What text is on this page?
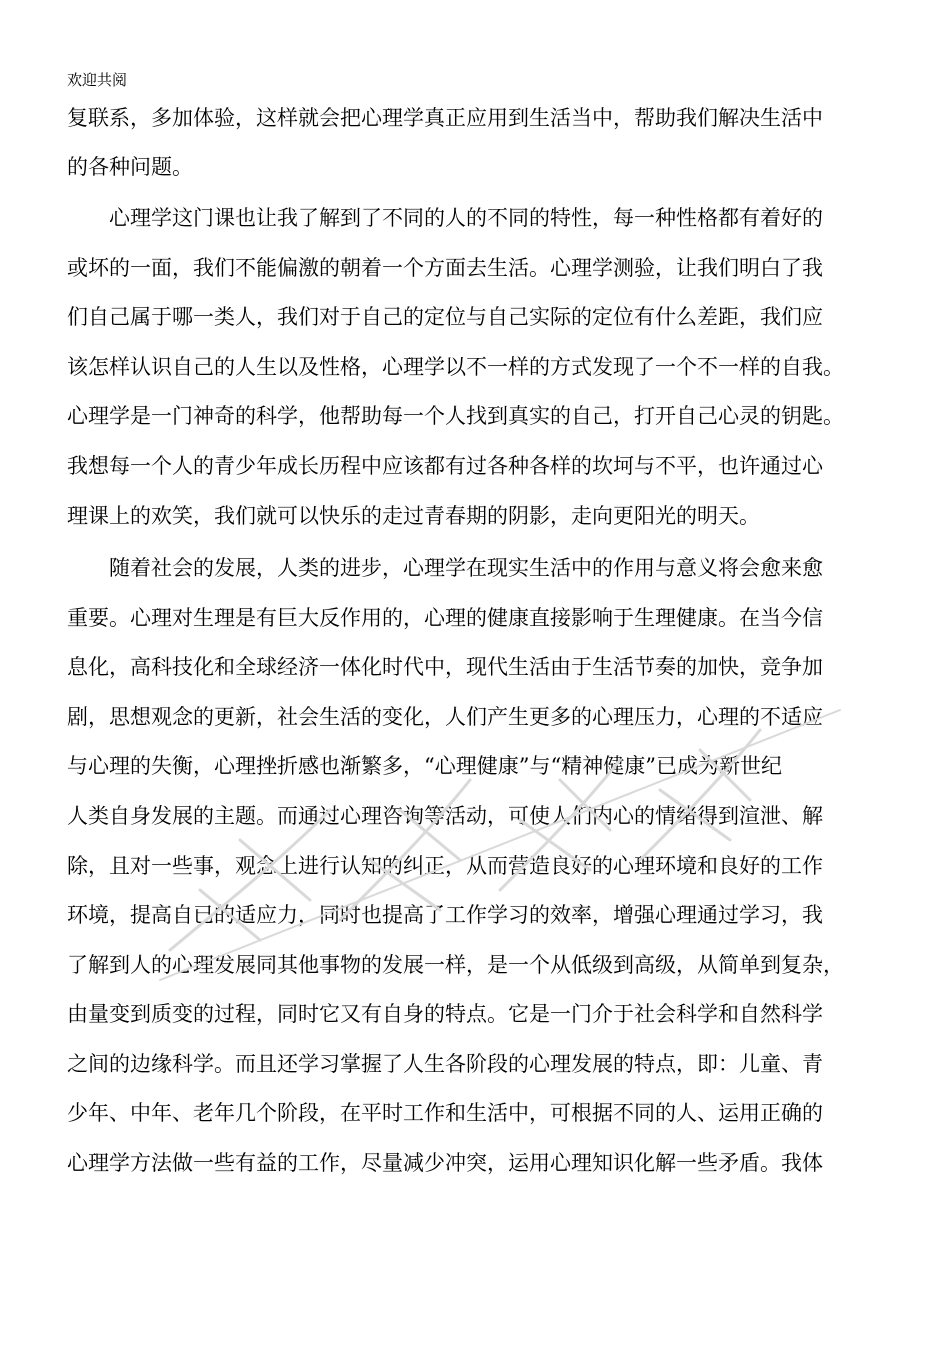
欢迎共阅
复联系，多加体验，这样就会把心理学真正应用到生活当中，帮助我们解决生活中
的各种问题。
　　心理学这门课也让我了解到了不同的人的不同的特性，每一种性格都有着好的
或坏的一面，我们不能偏激的朝着一个方面去生活。心理学测验，让我们明白了我
们自己属于哪一类人，我们对于自己的定位与自己实际的定位有什么差距，我们应
该怎样认识自己的人生以及性格，心理学以不一样的方式发现了一个不一样的自我。
心理学是一门神奇的科学，他帮助每一个人找到真实的自己，打开自己心灵的钥匙。
我想每一个人的青少年成长历程中应该都有过各种各样的坎坷与不平，也许通过心
理课上的欢笑，我们就可以快乐的走过青春期的阴影，走向更阳光的明天。
　　随着社会的发展，人类的进步，心理学在现实生活中的作用与意义将会愈来愈
重要。心理对生理是有巨大反作用的，心理的健康直接影响于生理健康。在当今信
息化，高科技化和全球经济一体化时代中，现代生活由于生活节奏的加快，竞争加
剧，思想观念的更新，社会生活的变化，人们产生更多的心理压力，心理的不适应
与心理的失衡，心理挫折感也渐繁多，“心理健康”与“精神健康”已成为新世纪
人类自身发展的主题。而通过心理咨询等活动，可使人们内心的情绪得到渲泄、解
除，且对一些事，观念上进行认知的纠正，从而营造良好的心理环境和良好的工作
环境，提高自已的适应力，同时也提高了工作学习的效率，增强心理通过学习，我
了解到人的心理发展同其他事物的发展一样，是一个从低级到高级，从简单到复杂，
由量变到质变的过程，同时它又有自身的特点。它是一门介于社会科学和自然科学
之间的边缘科学。而且还学习掌握了人生各阶段的心理发展的特点，即：儿童、青
少年、中年、老年几个阶段，在平时工作和生活中，可根据不同的人、运用正确的
心理学方法做一些有益的工作，尽量减少冲突，运用心理知识化解一些矛盾。我体
